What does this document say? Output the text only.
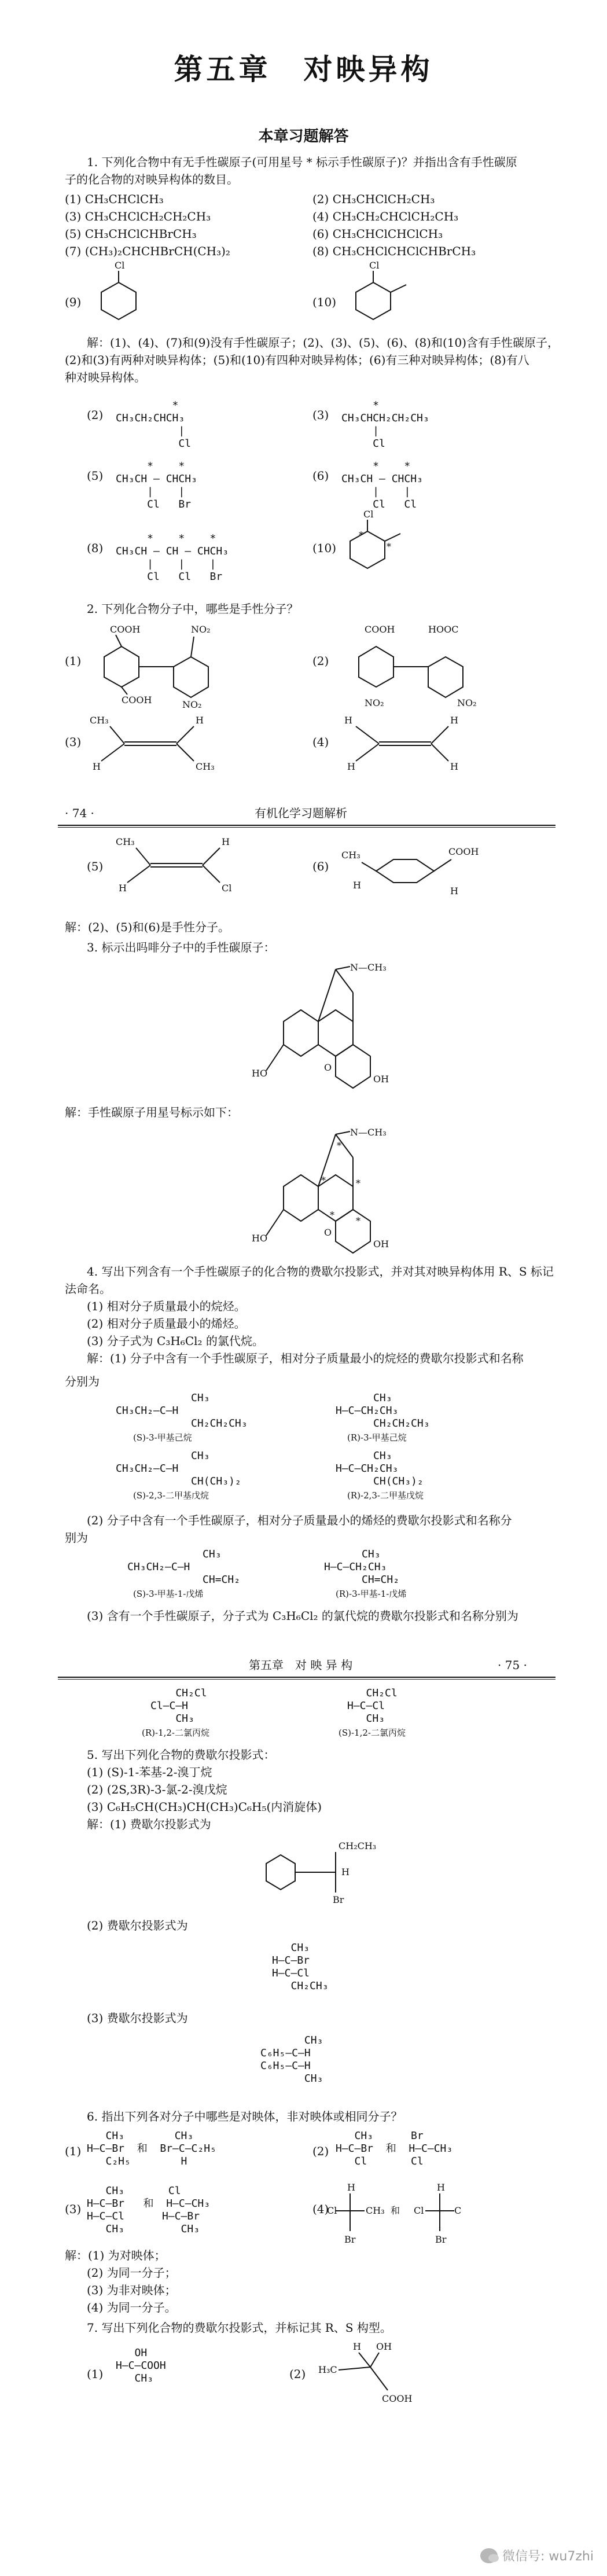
第五章　对映异构
本章习题解答
1. 下列化合物中有无手性碳原子(可用星号 * 标示手性碳原子)？并指出含有手性碳原
子的化合物的对映异构体的数目。
(1) CH₃CHClCH₃	(2) CH₃CHClCH₂CH₃
(3) CH₃CHClCH₂CH₂CH₃	(4) CH₃CH₂CHClCH₂CH₃
(5) CH₃CHClCHBrCH₃	(6) CH₃CHClCHClCH₃
(7) (CH₃)₂CHCHBrCH(CH₃)₂	(8) CH₃CHClCHClCHBrCH₃
(9)	(10)
Cl	Cl
解：(1)、(4)、(7)和(9)没有手性碳原子；(2)、(3)、(5)、(6)、(8)和(10)含有手性碳原子，
(2)和(3)有两种对映异构体；(5)和(10)有四种对映异构体；(6)有三种对映异构体；(8)有八
种对映异构体。
(2)
*
CH₃CH₂CHCH₃
|
Cl
(3)
*
CH₃CHCH₂CH₂CH₃
|
Cl
(5)
*    *
CH₃CH — CHCH₃
|    |
Cl   Br
(6)
*    *
CH₃CH — CHCH₃
|    |
Cl   Cl
(8)
*    *    *
CH₃CH — CH — CHCH₃
|    |    |
Cl   Cl   Br
(10)
Cl
*
*
2. 下列化合物分子中，哪些是手性分子？
(1)
COOH	NO₂
COOH	NO₂
(2)
COOH	HOOC
NO₂	NO₂
(3)
CH₃
H
H
CH₃
(4)
H
H
H
H
· 74 ·	有机化学习题解析
(5)
CH₃
H
H
Cl
(6)
CH₃
H
COOH
H
解：(2)、(5)和(6)是手性分子。
3. 标示出吗啡分子中的手性碳原子：
N—CH₃
HO
OH
O
解：手性碳原子用星号标示如下：
N—CH₃
HO
OH
O
*
*	*
*
*
4. 写出下列含有一个手性碳原子的化合物的费歇尔投影式，并对其对映异构体用 R、S 标记
法命名。
(1) 相对分子质量最小的烷烃。
(2) 相对分子质量最小的烯烃。
(3) 分子式为 C₃H₆Cl₂ 的氯代烷。
解：(1) 分子中含有一个手性碳原子，相对分子质量最小的烷烃的费歇尔投影式和名称
分别为
CH₃
CH₃CH₂—C—H
CH₂CH₂CH₃
(S)-3-甲基己烷
CH₃
H—C—CH₂CH₃
CH₂CH₂CH₃
(R)-3-甲基己烷
CH₃
CH₃CH₂—C—H
CH(CH₃)₂
(S)-2,3-二甲基戊烷
CH₃
H—C—CH₂CH₃
CH(CH₃)₂
(R)-2,3-二甲基戊烷
(2) 分子中含有一个手性碳原子，相对分子质量最小的烯烃的费歇尔投影式和名称分
别为
CH₃
CH₃CH₂—C—H
CH=CH₂
(S)-3-甲基-1-戊烯
CH₃
H—C—CH₂CH₃
CH=CH₂
(R)-3-甲基-1-戊烯
(3) 含有一个手性碳原子，分子式为 C₃H₆Cl₂ 的氯代烷的费歇尔投影式和名称分别为
第五章　对 映 异 构	· 75 ·
CH₂Cl
Cl—C—H
CH₃
(R)-1,2-二氯丙烷
CH₂Cl
H—C—Cl
CH₃
(S)-1,2-二氯丙烷
5. 写出下列化合物的费歇尔投影式：
(1) (S)-1-苯基-2-溴丁烷
(2) (2S,3R)-3-氯-2-溴戊烷
(3) C₆H₅CH(CH₃)CH(CH₃)C₆H₅(内消旋体)
解：(1) 费歇尔投影式为
CH₂CH₃
H
Br
(2) 费歇尔投影式为
CH₃
H—C—Br
H—C—Cl
CH₂CH₃
(3) 费歇尔投影式为
CH₃
C₆H₅—C—H
C₆H₅—C—H
CH₃
6. 指出下列各对分子中哪些是对映体，非对映体或相同分子？
(1)
CH₃        CH₃
H—C—Br  和  Br—C—C₂H₅
C₂H₅        H
(2)
CH₃      Br
H—C—Br  和  H—C—CH₃
Cl       Cl
(3)
CH₃       Cl
H—C—Br   和  H—C—CH₃
H—C—Cl      H—C—Br
CH₃         CH₃
(4)
H
Cl	CH₃
Br
和
H
Cl	C
Br
解：(1) 为对映体；
(2) 为同一分子；
(3) 为非对映体；
(4) 为同一分子。
7. 写出下列化合物的费歇尔投影式，并标记其 R、S 构型。
(1)
OH
H—C—COOH
CH₃	(2)
H OH
H₃C
COOH
微信号: wu7zhi
